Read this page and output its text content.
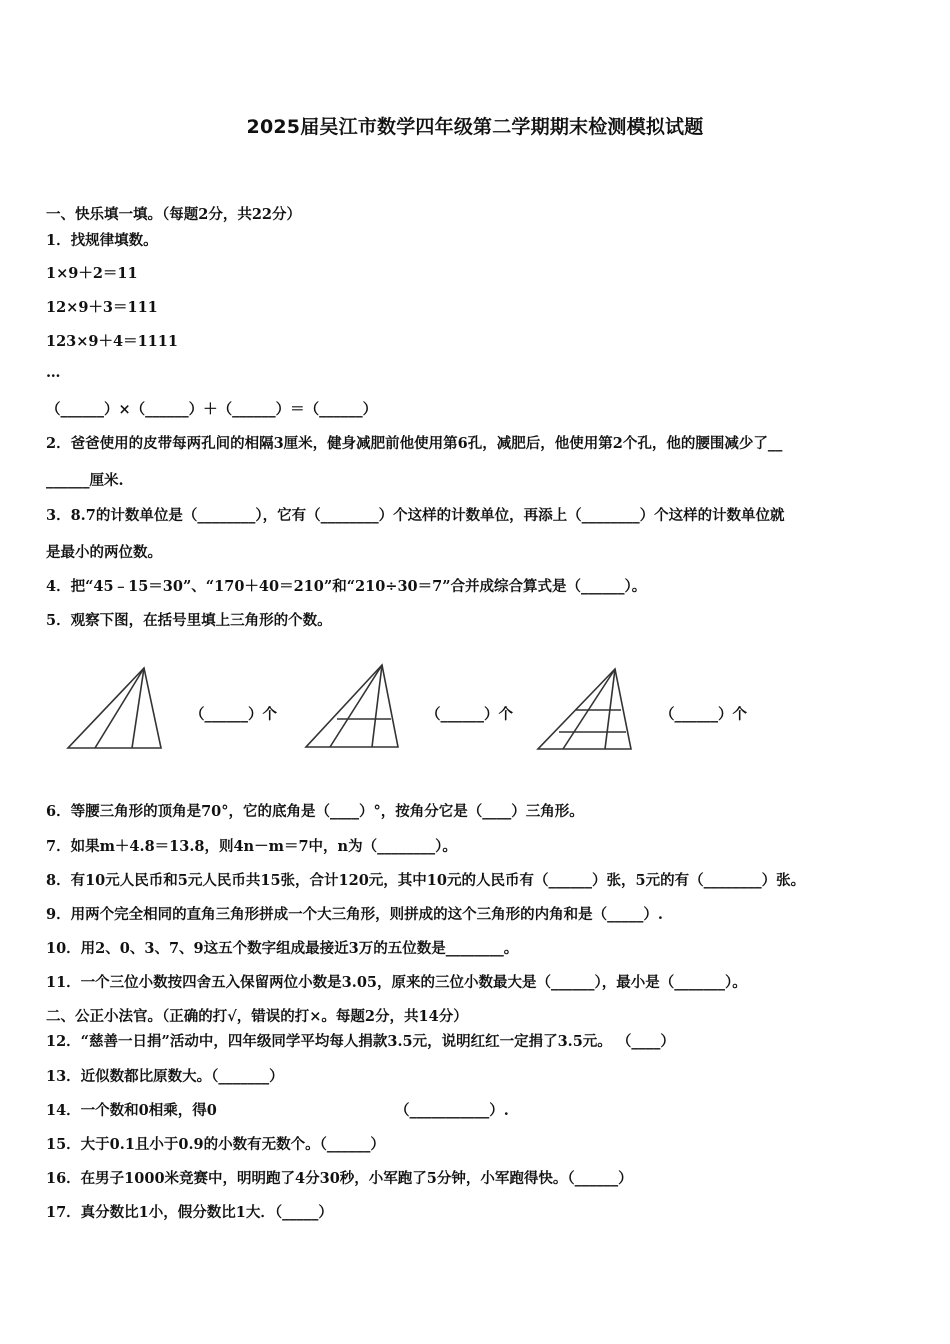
2025届吴江市数学四年级第二学期期末检测模拟试题
一、快乐填一填。（每题2分，共22分）
1．找规律填数。
1×9＋2＝11
12×9＋3＝111
123×9＋4＝1111
…
（______）×（______）＋（______）＝（______）
2．爸爸使用的皮带每两孔间的相隔3厘米，健身减肥前他使用第6孔，减肥后，他使用第2个孔，他的腰围减少了__
______厘米.
3．8.7的计数单位是（________），它有（________）个这样的计数单位，再添上（________）个这样的计数单位就
是最小的两位数。
4．把“45﹣15＝30”、“170＋40＝210”和“210÷30＝7”合并成综合算式是（______）。
5．观察下图，在括号里填上三角形的个数。
（______）个	（______）个	（______）个
6．等腰三角形的顶角是70°，它的底角是（____）°，按角分它是（____）三角形。
7．如果m＋4.8＝13.8，则4n－m＝7中，n为（________）。
8．有10元人民币和5元人民币共15张，合计120元，其中10元的人民币有（______）张，5元的有（________）张。
9．用两个完全相同的直角三角形拼成一个大三角形，则拼成的这个三角形的内角和是（_____）.
10．用2、0、3、7、9这五个数字组成最接近3万的五位数是________。
11．一个三位小数按四舍五入保留两位小数是3.05，原来的三位小数最大是（______），最小是（_______）。
二、公正小法官。（正确的打√，错误的打×。每题2分，共14分）
12．“慈善一日捐”活动中，四年级同学平均每人捐款3.5元，说明红红一定捐了3.5元。 （____）
13．近似数都比原数大。（_______）
14．一个数和0相乘，得0	（___________）.
15．大于0.1且小于0.9的小数有无数个。（______）
16．在男子1000米竞赛中，明明跑了4分30秒，小军跑了5分钟，小军跑得快。（______）
17．真分数比1小，假分数比1大．（_____）
